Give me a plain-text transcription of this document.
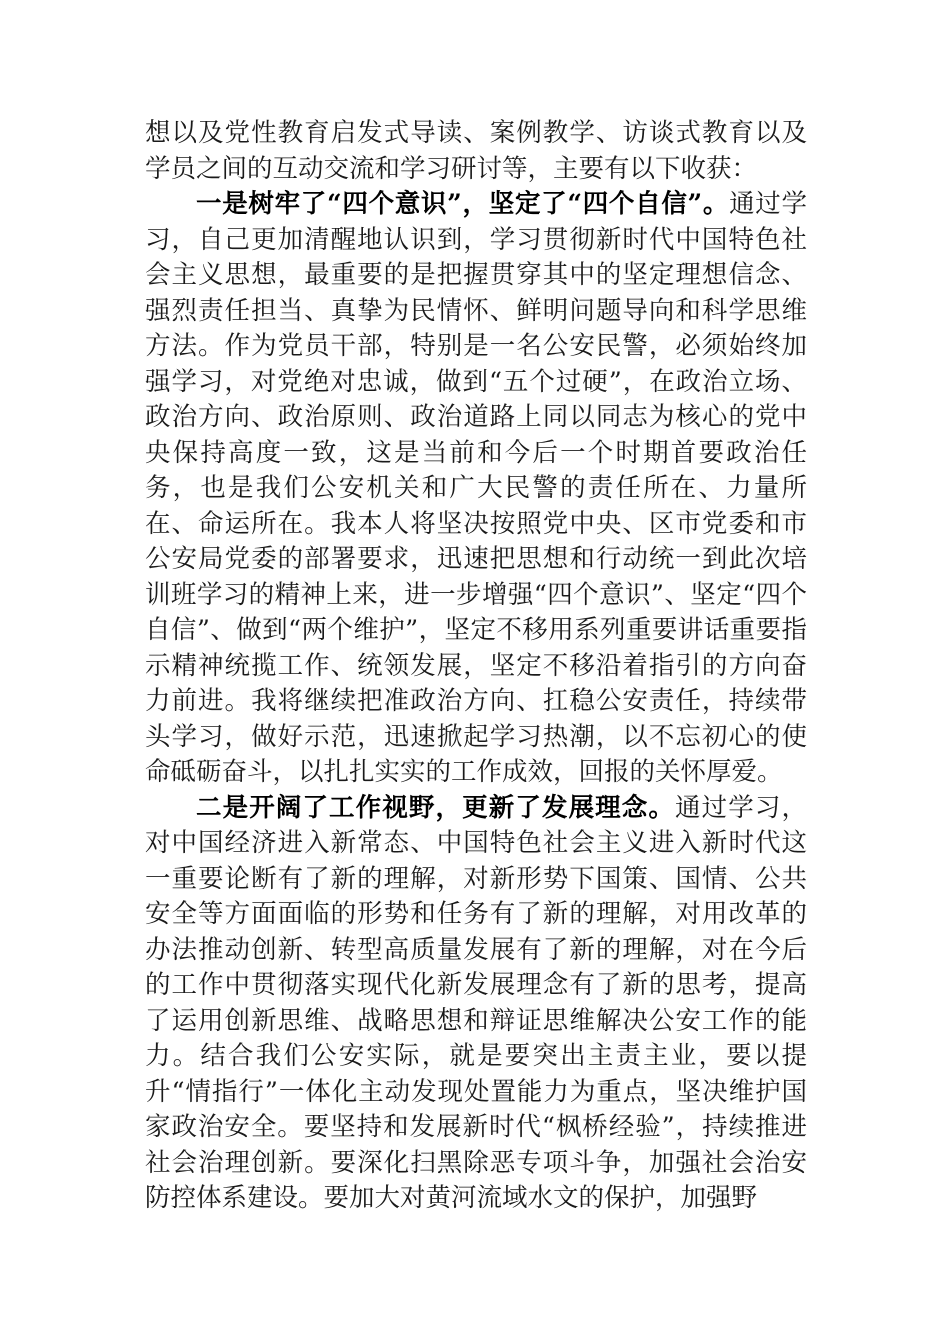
想以及党性教育启发式导读、案例教学、访谈式教育以及学员之间的互动交流和学习研讨等，主要有以下收获：

一是树牢了“四个意识”，坚定了“四个自信”。通过学习，自己更加清醒地认识到，学习贯彻新时代中国特色社会主义思想，最重要的是把握贯穿其中的坚定理想信念、强烈责任担当、真挚为民情怀、鲜明问题导向和科学思维方法。作为党员干部，特别是一名公安民警，必须始终加强学习，对党绝对忠诚，做到“五个过硬”，在政治立场、政治方向、政治原则、政治道路上同以同志为核心的党中央保持高度一致，这是当前和今后一个时期首要政治任务，也是我们公安机关和广大民警的责任所在、力量所在、命运所在。我本人将坚决按照党中央、区市党委和市公安局党委的部署要求，迅速把思想和行动统一到此次培训班学习的精神上来，进一步增强“四个意识”、坚定“四个自信”、做到“两个维护”，坚定不移用系列重要讲话重要指示精神统揽工作、统领发展，坚定不移沿着指引的方向奋力前进。我将继续把准政治方向、扛稳公安责任，持续带头学习，做好示范，迅速掀起学习热潮，以不忘初心的使命砥砺奋斗，以扎扎实实的工作成效，回报的关怀厚爱。

二是开阔了工作视野，更新了发展理念。通过学习，对中国经济进入新常态、中国特色社会主义进入新时代这一重要论断有了新的理解，对新形势下国策、国情、公共安全等方面面临的形势和任务有了新的理解，对用改革的办法推动创新、转型高质量发展有了新的理解，对在今后的工作中贯彻落实现代化新发展理念有了新的思考，提高了运用创新思维、战略思想和辩证思维解决公安工作的能力。结合我们公安实际，就是要突出主责主业，要以提升“情指行”一体化主动发现处置能力为重点，坚决维护国家政治安全。要坚持和发展新时代“枫桥经验”，持续推进社会治理创新。要深化扫黑除恶专项斗争，加强社会治安防控体系建设。要加大对黄河流域水文的保护，加强野
